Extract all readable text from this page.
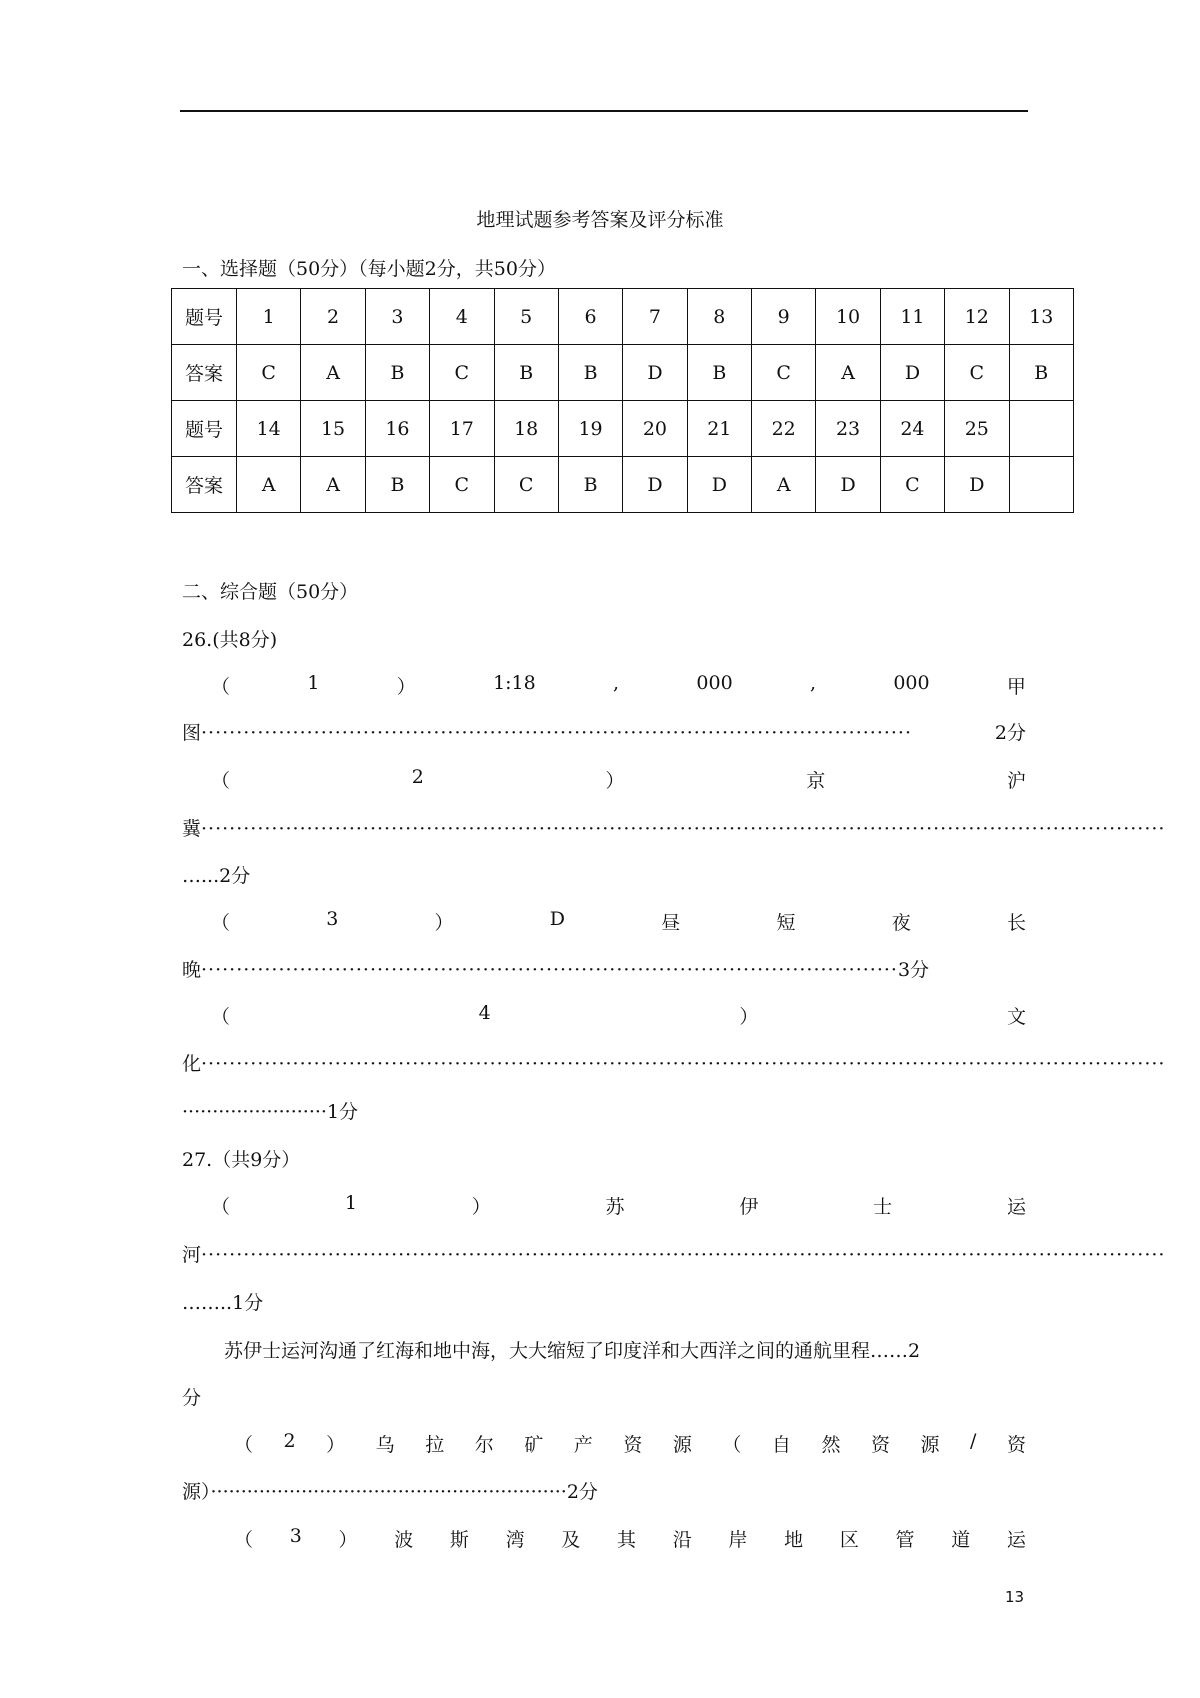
地理试题参考答案及评分标准
一、选择题（50分）（每小题2分，共50分）
题号	1	2	3	4	5	6	7	8	9	10	11	12	13
答案	C	A	B	C	B	B	D	B	C	A	D	C	B
题号	14	15	16	17	18	19	20	21	22	23	24	25	
答案	A	A	B	C	C	B	D	D	A	D	C	D	
二、综合题（50分）
26.(共8分)
（	1	）	1:18	,	000	,	000	甲
图 ·····································································································	2分
（	2	）	京	沪
冀 ·········································································································································
…...2分
（	3	）	D	昼	短	夜	长
晚 ··································································································· 3分
（	4	）	文
化 ·········································································································································
························1分
27.（共9分）
（	1	）	苏	伊	士	运
河 ·········································································································································
……..1分
苏伊士运河沟通了红海和地中海，大大缩短了印度洋和大西洋之间的通航里程……2
分
（ 2 ） 乌 拉 尔 矿 产 资 源 （ 自 然 资 源 / 资
源）···························································2分
（ 3 ） 波 斯 湾 及 其 沿 岸 地 区 管 道 运
13
